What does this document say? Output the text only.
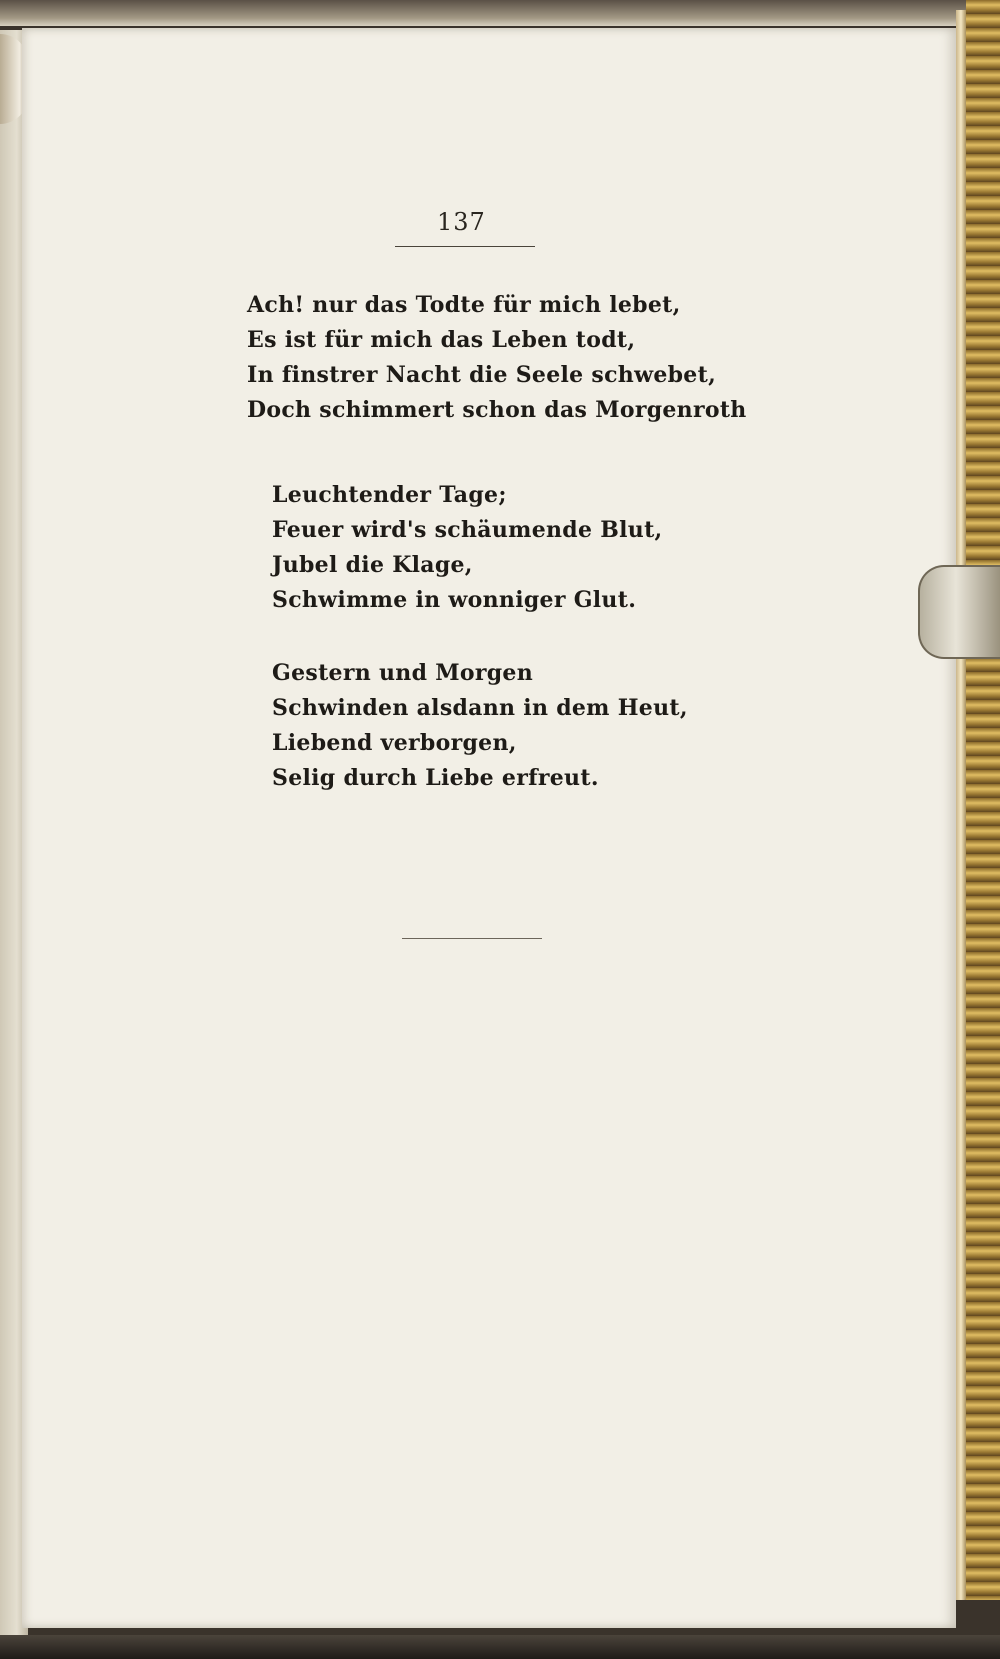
137
Ach! nur das Todte für mich lebet,
Es ist für mich das Leben todt,
In finstrer Nacht die Seele schwebet,
Doch schimmert schon das Morgenroth
Leuchtender Tage;
Feuer wird's schäumende Blut,
Jubel die Klage,
Schwimme in wonniger Glut.
Gestern und Morgen
Schwinden alsdann in dem Heut,
Liebend verborgen,
Selig durch Liebe erfreut.
